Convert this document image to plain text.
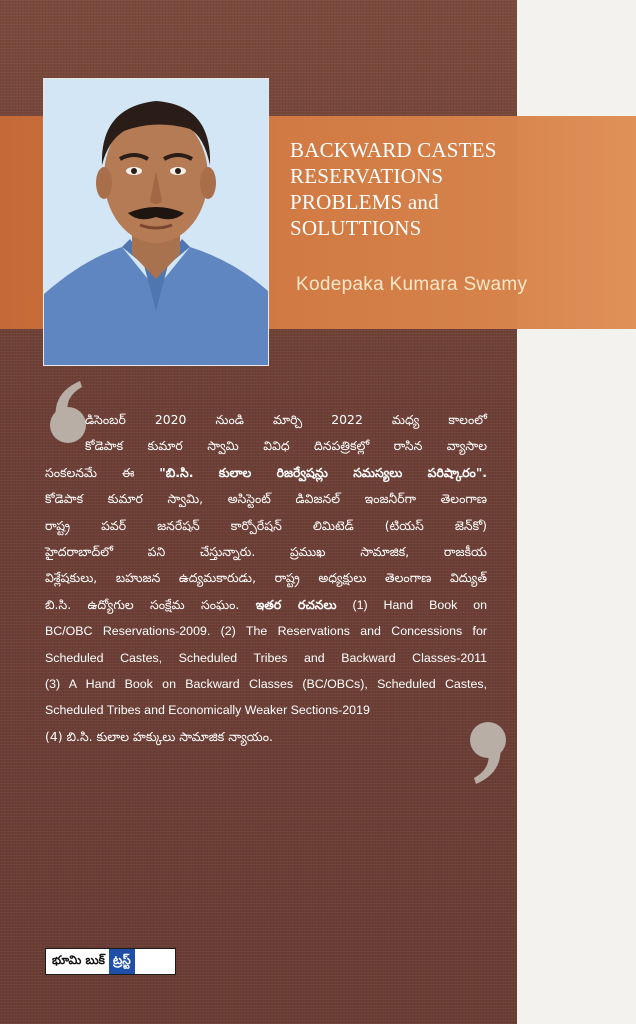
BACKWARD CASTES
RESERVATIONS
PROBLEMS and
SOLUTTIONS
Kodepaka Kumara Swamy

డిసెంబర్ 2020 నుండి మార్చి 2022 మధ్య కాలంలో

కోడెపాక కుమార స్వామి వివిధ దినపత్రికల్లో రాసిన వ్యాసాల

సంకలనమే ఈ "బి.సి. కులాల రిజర్వేషన్లు సమస్యలు పరిష్కారం".

కోడెపాక కుమార స్వామి, అసిస్టెంట్ డివిజనల్ ఇంజనీర్‌గా తెలంగాణ

రాష్ట్ర పవర్ జనరేషన్ కార్పోరేషన్ లిమిటెడ్ (టియస్ జెన్‌కో)

హైదరాబాద్‌లో పని చేస్తున్నారు. ప్రముఖ సామాజిక, రాజకీయ

విశ్లేషకులు, బహుజన ఉద్యమకారుడు, రాష్ట్ర అధ్యక్షులు తెలంగాణ విద్యుత్

బి.సి. ఉద్యోగుల సంక్షేమ సంఘం. ఇతర రచనలు (1) Hand Book on

BC/OBC Reservations-2009. (2) The Reservations and Concessions for

Scheduled Castes, Scheduled Tribes and Backward Classes-2011

(3) A Hand Book on Backward Classes (BC/OBCs), Scheduled Castes,

Scheduled Tribes and Economically Weaker Sections-2019

(4) బి.సి. కులాల హక్కులు సామాజిక న్యాయం.

భూమి బుక్ ట్రస్ట్
